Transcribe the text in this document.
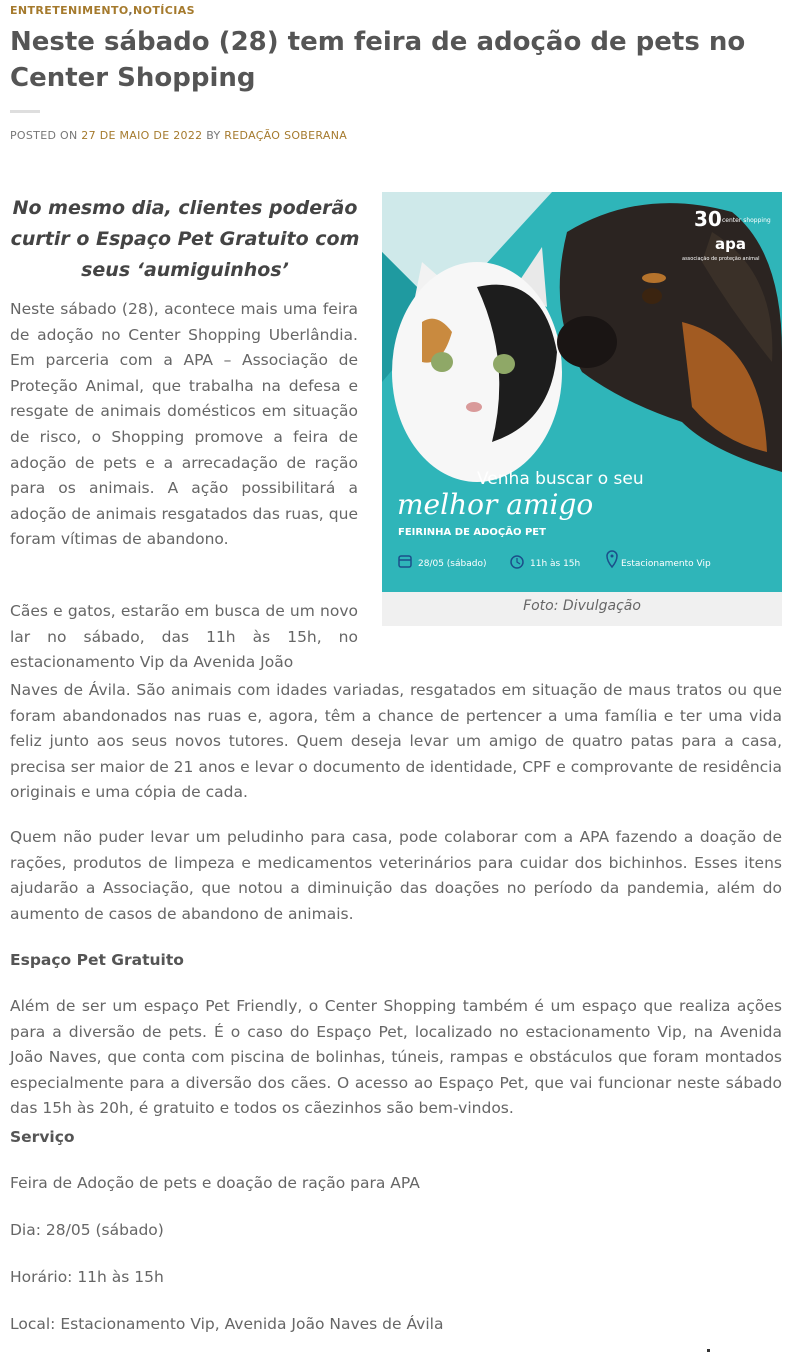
ENTRETENIMENTO,NOTÍCIAS
Neste sábado (28) tem feira de adoção de pets no Center Shopping
POSTED ON 27 DE MAIO DE 2022 BY REDAÇÃO SOBERANA
No mesmo dia, clientes poderão curtir o Espaço Pet Gratuito com seus ‘aumiguinhos’

Neste sábado (28), acontece mais uma feira de adoção no Center Shopping Uberlândia. Em parceria com a APA – Associação de Proteção Animal, que trabalha na defesa e resgate de animais domésticos em situação de risco, o Shopping promove a feira de adoção de pets e a arrecadação de ração para os animais. A ação possibilitará a adoção de animais resgatados das ruas, que foram vítimas de abandono.

Cães e gatos, estarão em busca de um novo lar no sábado, das 11h às 15h, no estacionamento Vip da Avenida João

Naves de Ávila. São animais com idades variadas, resgatados em situação de maus tratos ou que foram abandonados nas ruas e, agora, têm a chance de pertencer a uma família e ter uma vida feliz junto aos seus novos tutores. Quem deseja levar um amigo de quatro patas para a casa, precisa ser maior de 21 anos e levar o documento de identidade, CPF e comprovante de residência originais e uma cópia de cada.

Quem não puder levar um peludinho para casa, pode colaborar com a APA fazendo a doação de rações, produtos de limpeza e medicamentos veterinários para cuidar dos bichinhos. Esses itens ajudarão a Associação, que notou a diminuição das doações no período da pandemia, além do aumento de casos de abandono de animais.

Espaço Pet Gratuito

Além de ser um espaço Pet Friendly, o Center Shopping também é um espaço que realiza ações para a diversão de pets. É o caso do Espaço Pet, localizado no estacionamento Vip, na Avenida João Naves, que conta com piscina de bolinhas, túneis, rampas e obstáculos que foram montados especialmente para a diversão dos cães. O acesso ao Espaço Pet, que vai funcionar neste sábado das 15h às 20h, é gratuito e todos os cãezinhos são bem-vindos.

Serviço

Feira de Adoção de pets e doação de ração para APA

Dia: 28/05 (sábado)

Horário: 11h às 15h

Local: Estacionamento Vip, Avenida João Naves de Ávila

30 center shopping
apa
associação de proteção animal
Venha buscar o seu
melhor amigo
FEIRINHA DE ADOÇÃO PET
28/05 (sábado)	11h às 15h	Estacionamento Vip
Foto: Divulgação
